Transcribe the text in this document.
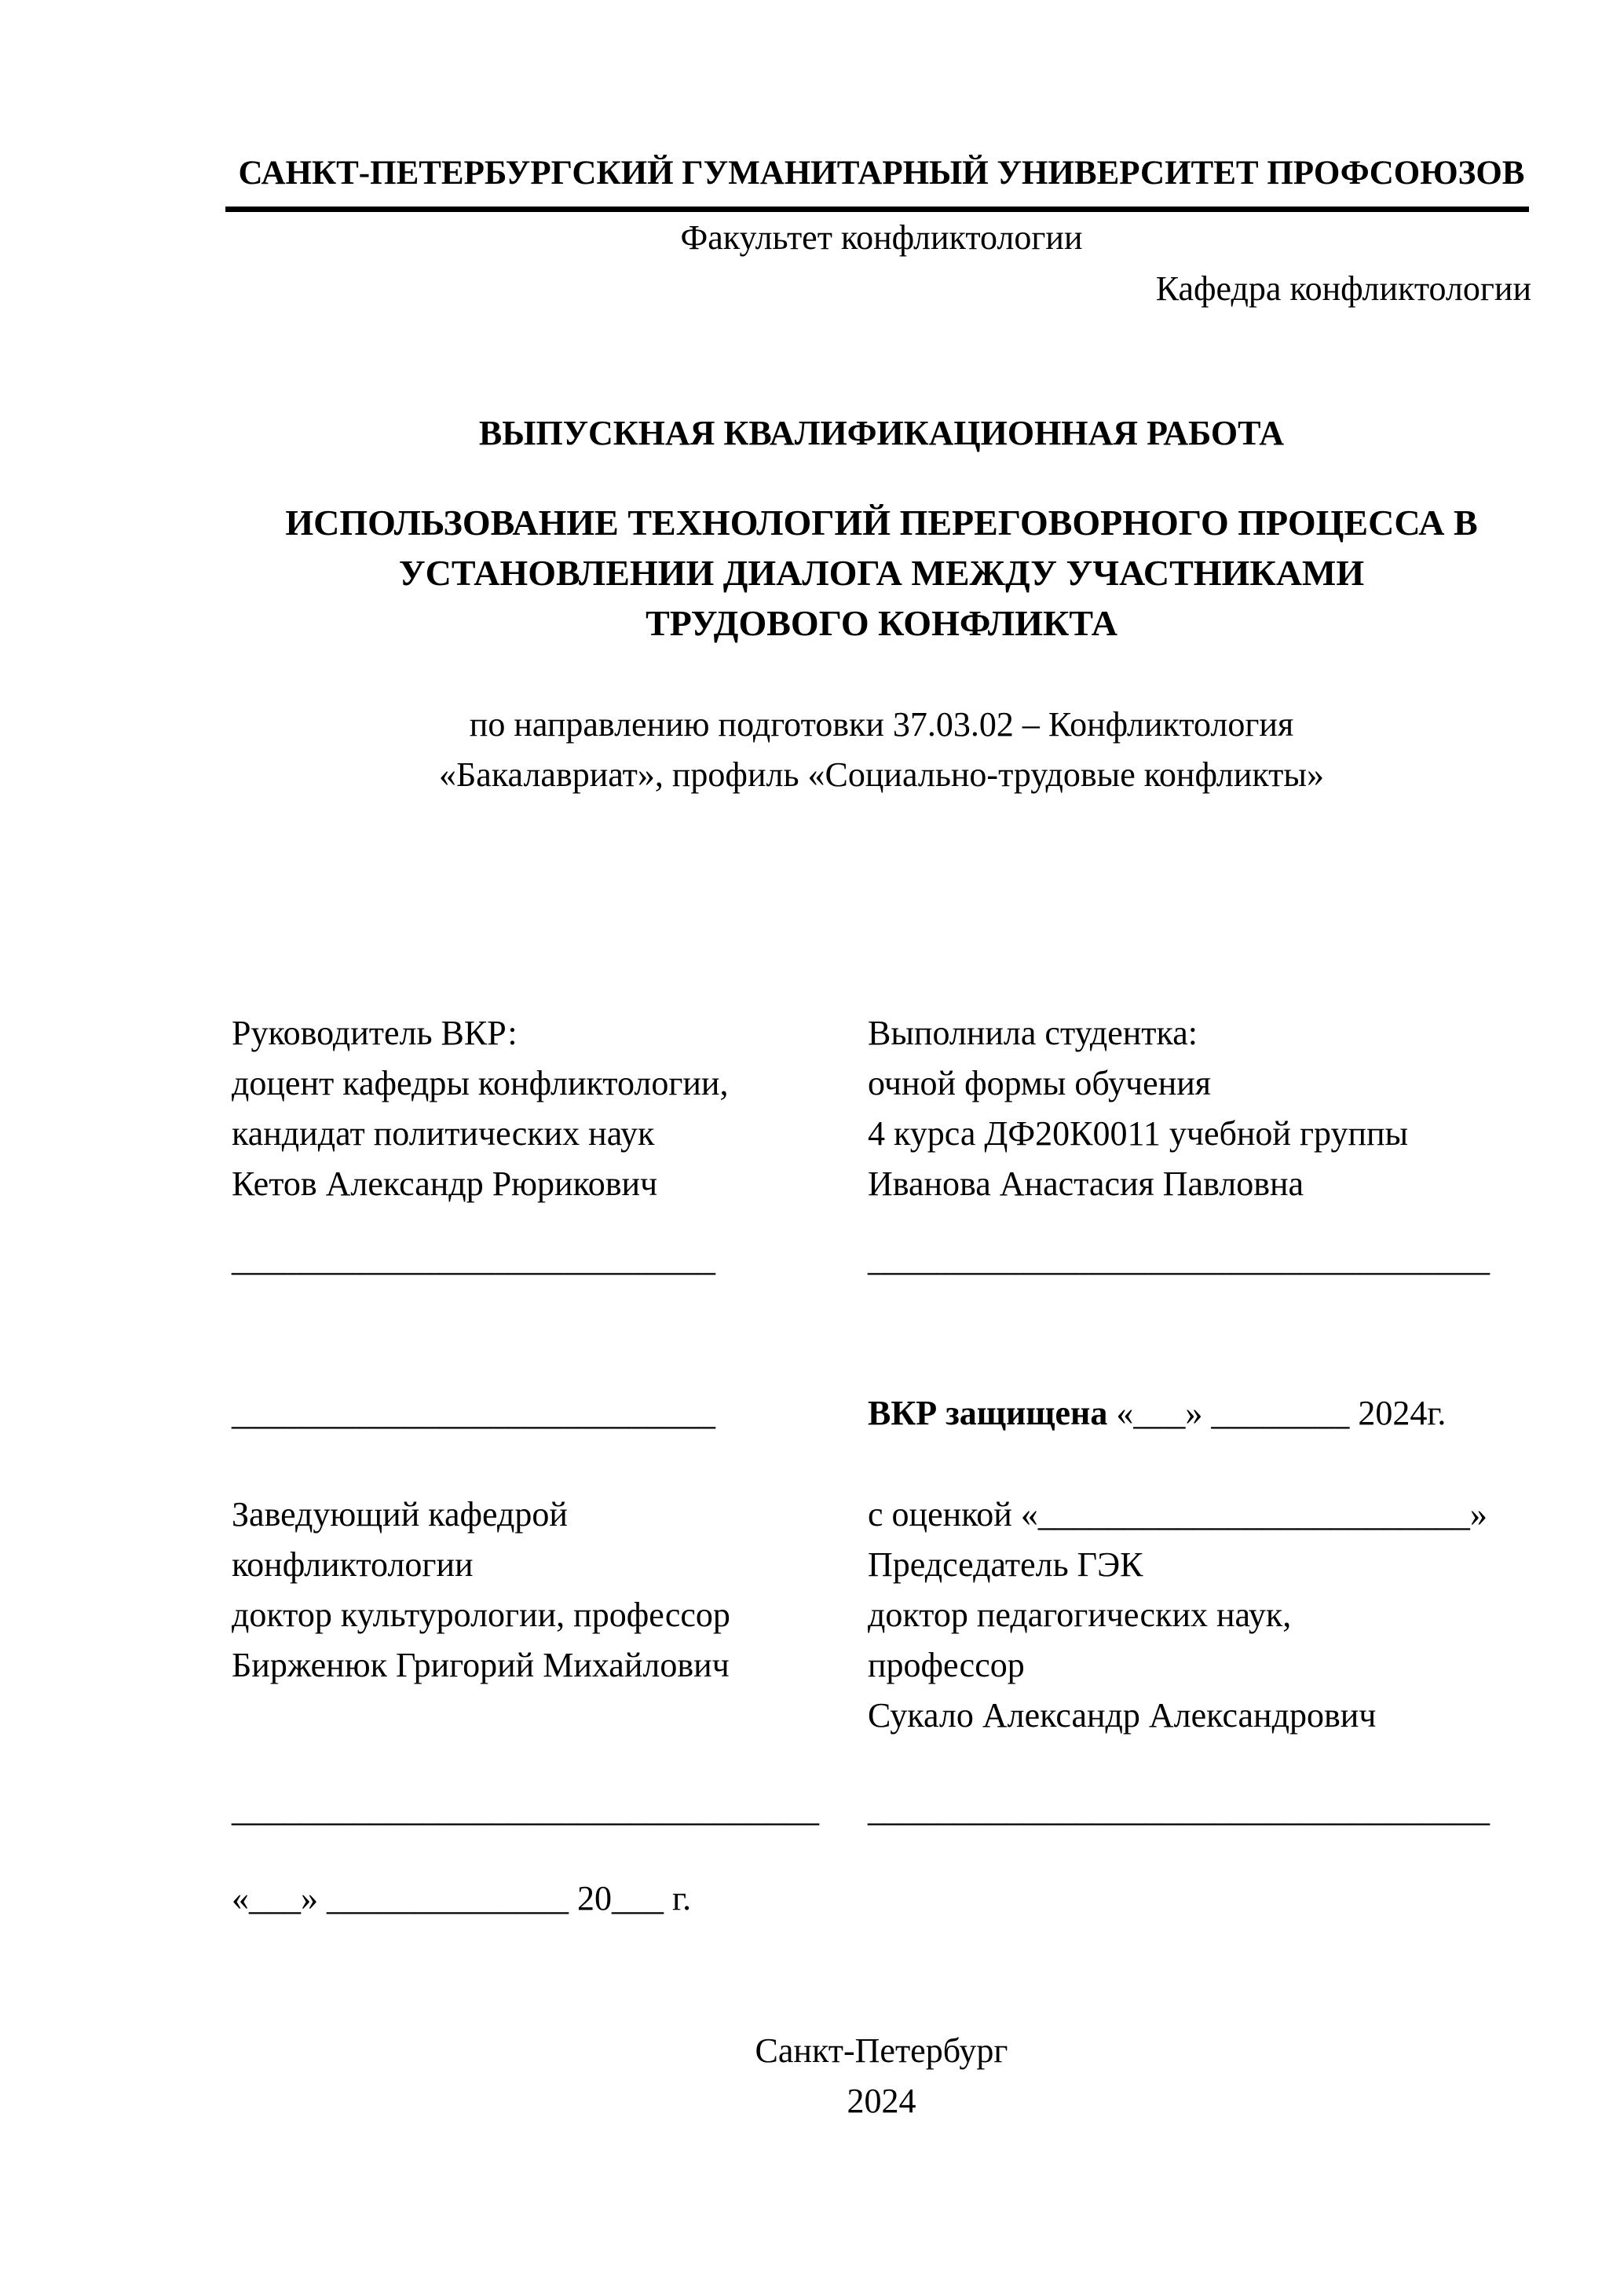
САНКТ-ПЕТЕРБУРГСКИЙ ГУМАНИТАРНЫЙ УНИВЕРСИТЕТ ПРОФСОЮЗОВ
Факультет конфликтологии
Кафедра конфликтологии
ВЫПУСКНАЯ КВАЛИФИКАЦИОННАЯ РАБОТА
ИСПОЛЬЗОВАНИЕ ТЕХНОЛОГИЙ ПЕРЕГОВОРНОГО ПРОЦЕССА В
УСТАНОВЛЕНИИ ДИАЛОГА МЕЖДУ УЧАСТНИКАМИ
ТРУДОВОГО КОНФЛИКТА
по направлению подготовки 37.03.02 – Конфликтология
«Бакалавриат», профиль «Социально-трудовые конфликты»
Руководитель ВКР:
доцент кафедры конфликтологии,
кандидат политических наук
Кетов Александр Рюрикович
Выполнила студентка:
очной формы обучения
4 курса ДФ20К0011 учебной группы
Иванова Анастасия Павловна
____________________________	____________________________________
____________________________	ВКР защищена «___» ________ 2024г.
Заведующий кафедрой
конфликтологии
доктор культурологии, профессор
Бирженюк Григорий Михайлович
с оценкой «_________________________»
Председатель ГЭК
доктор педагогических наук,
профессор
Сукало Александр Александрович
__________________________________ ____________________________________
«___» ______________ 20___ г.
Санкт-Петербург
2024
